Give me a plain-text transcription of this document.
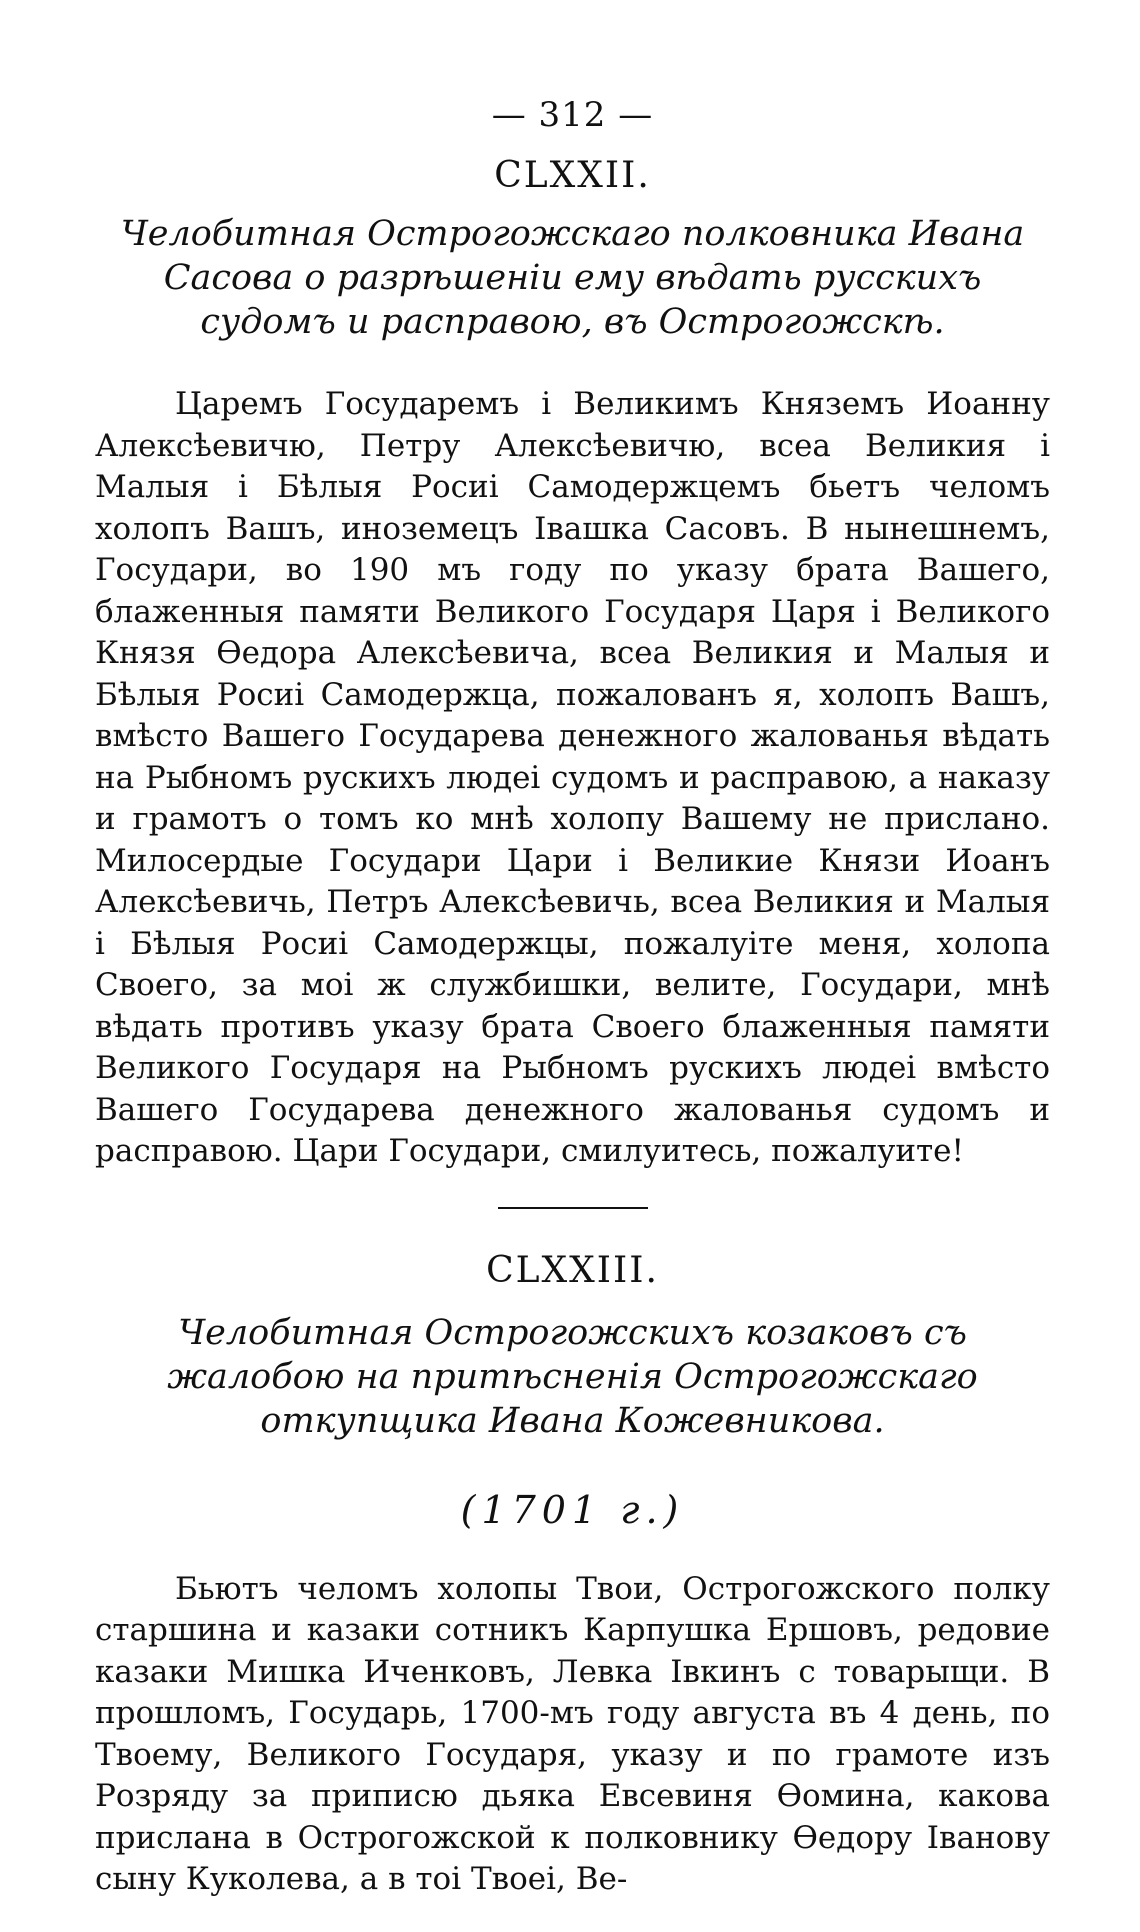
— 312 —
CLXXII.
Челобитная Острогожскаго полковника Ивана Сасова о разрѣшеніи ему вѣдать русскихъ судомъ и расправою, въ Острогожскѣ.

Царемъ Государемъ і Великимъ Княземъ Иоанну Алексѣевичю, Петру Алексѣевичю, всеа Великия і Малыя і Бѣлыя Росиі Самодержцемъ бьетъ челомъ холопъ Вашъ, иноземецъ Івашка Сасовъ. В нынешнемъ, Государи, во 190 мъ году по указу брата Вашего, блаженныя памяти Великого Государя Царя і Великого Князя Өедора Алексѣевича, всеа Великия и Малыя и Бѣлыя Росиі Самодержца, пожалованъ я, холопъ Вашъ, вмѣсто Вашего Государева денежного жалованья вѣдать на Рыбномъ рускихъ людеі судомъ и расправою, а наказу и грамотъ о томъ ко мнѣ холопу Вашему не прислано. Милосердые Государи Цари і Великие Князи Иоанъ Алексѣевичь, Петръ Алексѣевичь, всеа Великия и Малыя і Бѣлыя Росиі Самодержцы, пожалуіте меня, холопа Своего, за моі ж службишки, велите, Государи, мнѣ вѣдать противъ указу брата Своего блаженныя памяти Великого Государя на Рыбномъ рускихъ людеі вмѣсто Вашего Государева денежного жалованья судомъ и расправою. Цари Государи, смилуитесь, пожалуите!

CLXXIII.
Челобитная Острогожскихъ козаковъ съ жалобою на притѣсненія Острогожскаго откупщика Ивана Кожевникова.
(1701 г.)

Бьютъ челомъ холопы Твои, Острогожского полку старшина и казаки сотникъ Карпушка Ершовъ, редовие казаки Мишка Иченковъ, Левка Івкинъ с товарыщи. В прошломъ, Государь, 1700-мъ году августа въ 4 день, по Твоему, Великого Государя, указу и по грамоте изъ Розряду за приписю дьяка Евсевиня Өомина, какова прислана в Острогожской к полковнику Өедору Іванову сыну Куколева, а в тоі Твоеі, Ве-
